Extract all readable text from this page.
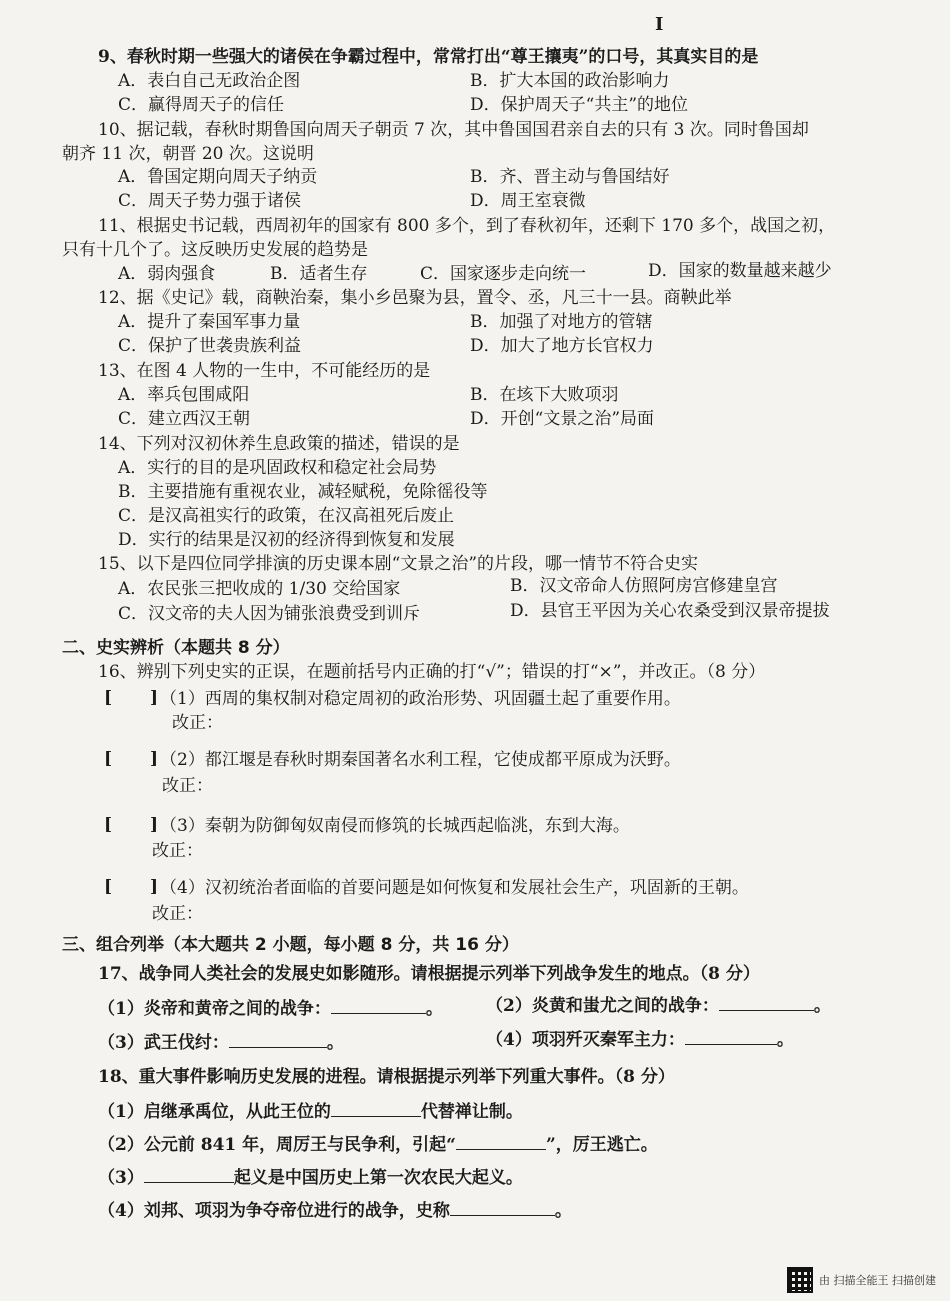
I
9、春秋时期一些强大的诸侯在争霸过程中，常常打出“尊王攘夷”的口号，其真实目的是
A．表白自己无政治企图	B．扩大本国的政治影响力
C．赢得周天子的信任	D．保护周天子“共主”的地位
10、据记载，春秋时期鲁国向周天子朝贡 7 次，其中鲁国国君亲自去的只有 3 次。同时鲁国却
朝齐 11 次，朝晋 20 次。这说明
A．鲁国定期向周天子纳贡	B．齐、晋主动与鲁国结好
C．周天子势力强于诸侯	D．周王室衰微
11、根据史书记载，西周初年的国家有 800 多个，到了春秋初年，还剩下 170 多个，战国之初，
只有十几个了。这反映历史发展的趋势是
A．弱肉强食	B．适者生存	C．国家逐步走向统一	D．国家的数量越来越少
12、据《史记》载，商鞅治秦，集小乡邑聚为县，置令、丞，凡三十一县。商鞅此举
A．提升了秦国军事力量	B．加强了对地方的管辖
C．保护了世袭贵族利益	D．加大了地方长官权力
13、在图 4 人物的一生中，不可能经历的是
A．率兵包围咸阳	B．在垓下大败项羽
C．建立西汉王朝	D．开创“文景之治”局面
14、下列对汉初休养生息政策的描述，错误的是
A．实行的目的是巩固政权和稳定社会局势
B．主要措施有重视农业，减轻赋税，免除徭役等
C．是汉高祖实行的政策，在汉高祖死后废止
D．实行的结果是汉初的经济得到恢复和发展
15、以下是四位同学排演的历史课本剧“文景之治”的片段，哪一情节不符合史实
A．农民张三把收成的 1/30 交给国家	B．汉文帝命人仿照阿房宫修建皇宫
C．汉文帝的夫人因为铺张浪费受到训斥	D．县官王平因为关心农桑受到汉景帝提拔
二、史实辨析（本题共 8 分）
16、辨别下列史实的正误，在题前括号内正确的打“√”；错误的打“×”，并改正。（8 分）
[ ] （1）西周的集权制对稳定周初的政治形势、巩固疆土起了重要作用。
改正：
[ ] （2）都江堰是春秋时期秦国著名水利工程，它使成都平原成为沃野。
改正：
[ ] （3）秦朝为防御匈奴南侵而修筑的长城西起临洮，东到大海。
改正：
[ ] （4）汉初统治者面临的首要问题是如何恢复和发展社会生产，巩固新的王朝。
改正：
三、组合列举（本大题共 2 小题，每小题 8 分，共 16 分）
17、战争同人类社会的发展史如影随形。请根据提示列举下列战争发生的地点。（8 分）
（1）炎帝和黄帝之间的战争：	。	（2）炎黄和蚩尤之间的战争：	。
（3）武王伐纣：	。	（4）项羽歼灭秦军主力：	。
18、重大事件影响历史发展的进程。请根据提示列举下列重大事件。（8 分）
（1）启继承禹位，从此王位的	代替禅让制。
（2）公元前 841 年，周厉王与民争利，引起“	”，厉王逃亡。
（3）	起义是中国历史上第一次农民大起义。
（4）刘邦、项羽为争夺帝位进行的战争，史称	。
由 扫描全能王 扫描创建
